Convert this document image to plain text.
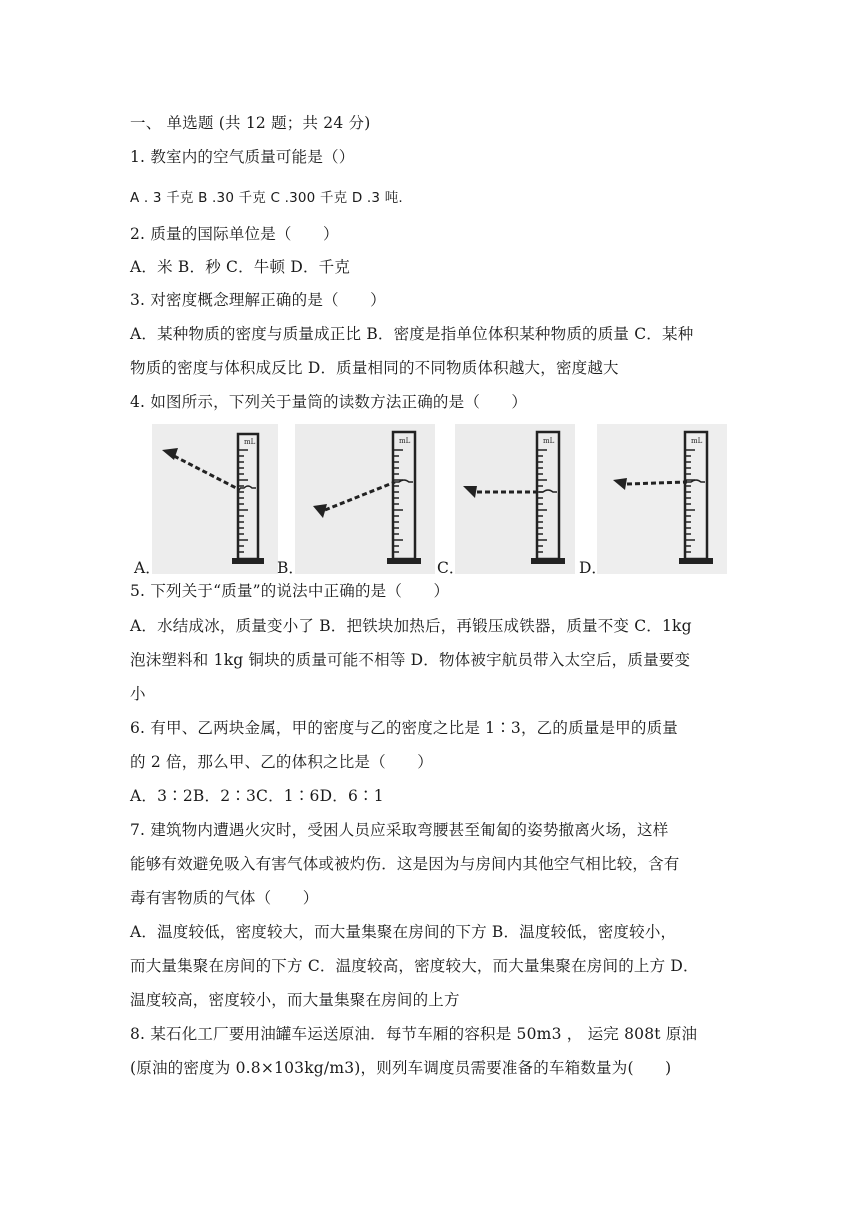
一、 单选题 (共 12 题；共 24 分)
1. 教室内的空气质量可能是（）
A . 3 千克 B .30 千克 C .300 千克 D .3 吨.
2. 质量的国际单位是（　　）
A．米 B．秒 C．牛顿 D．千克
3. 对密度概念理解正确的是（　　）
A．某种物质的密度与质量成正比 B．密度是指单位体积某种物质的质量 C．某种
物质的密度与体积成反比 D．质量相同的不同物质体积越大，密度越大
4. 如图所示，下列关于量筒的读数方法正确的是（　　）
mL
A．
mL
B．
mL
C．
mL
D．
5. 下列关于“质量”的说法中正确的是（　　）
A．水结成冰，质量变小了 B．把铁块加热后，再锻压成铁器，质量不变 C．1kg
泡沫塑料和 1kg 铜块的质量可能不相等 D．物体被宇航员带入太空后，质量要变
小
6. 有甲、乙两块金属，甲的密度与乙的密度之比是 1∶3，乙的质量是甲的质量
的 2 倍，那么甲、乙的体积之比是（　　）
A．3∶2B．2∶3C．1∶6D．6∶1
7. 建筑物内遭遇火灾时，受困人员应采取弯腰甚至匍匐的姿势撤离火场，这样
能够有效避免吸入有害气体或被灼伤．这是因为与房间内其他空气相比较，含有
毒有害物质的气体（　　）
A．温度较低，密度较大，而大量集聚在房间的下方 B．温度较低，密度较小，
而大量集聚在房间的下方 C．温度较高，密度较大，而大量集聚在房间的上方 D．
温度较高，密度较小，而大量集聚在房间的上方
8. 某石化工厂要用油罐车运送原油．每节车厢的容积是 50m3 ， 运完 808t 原油
(原油的密度为 0.8×103kg/m3)，则列车调度员需要准备的车箱数量为(　　)
